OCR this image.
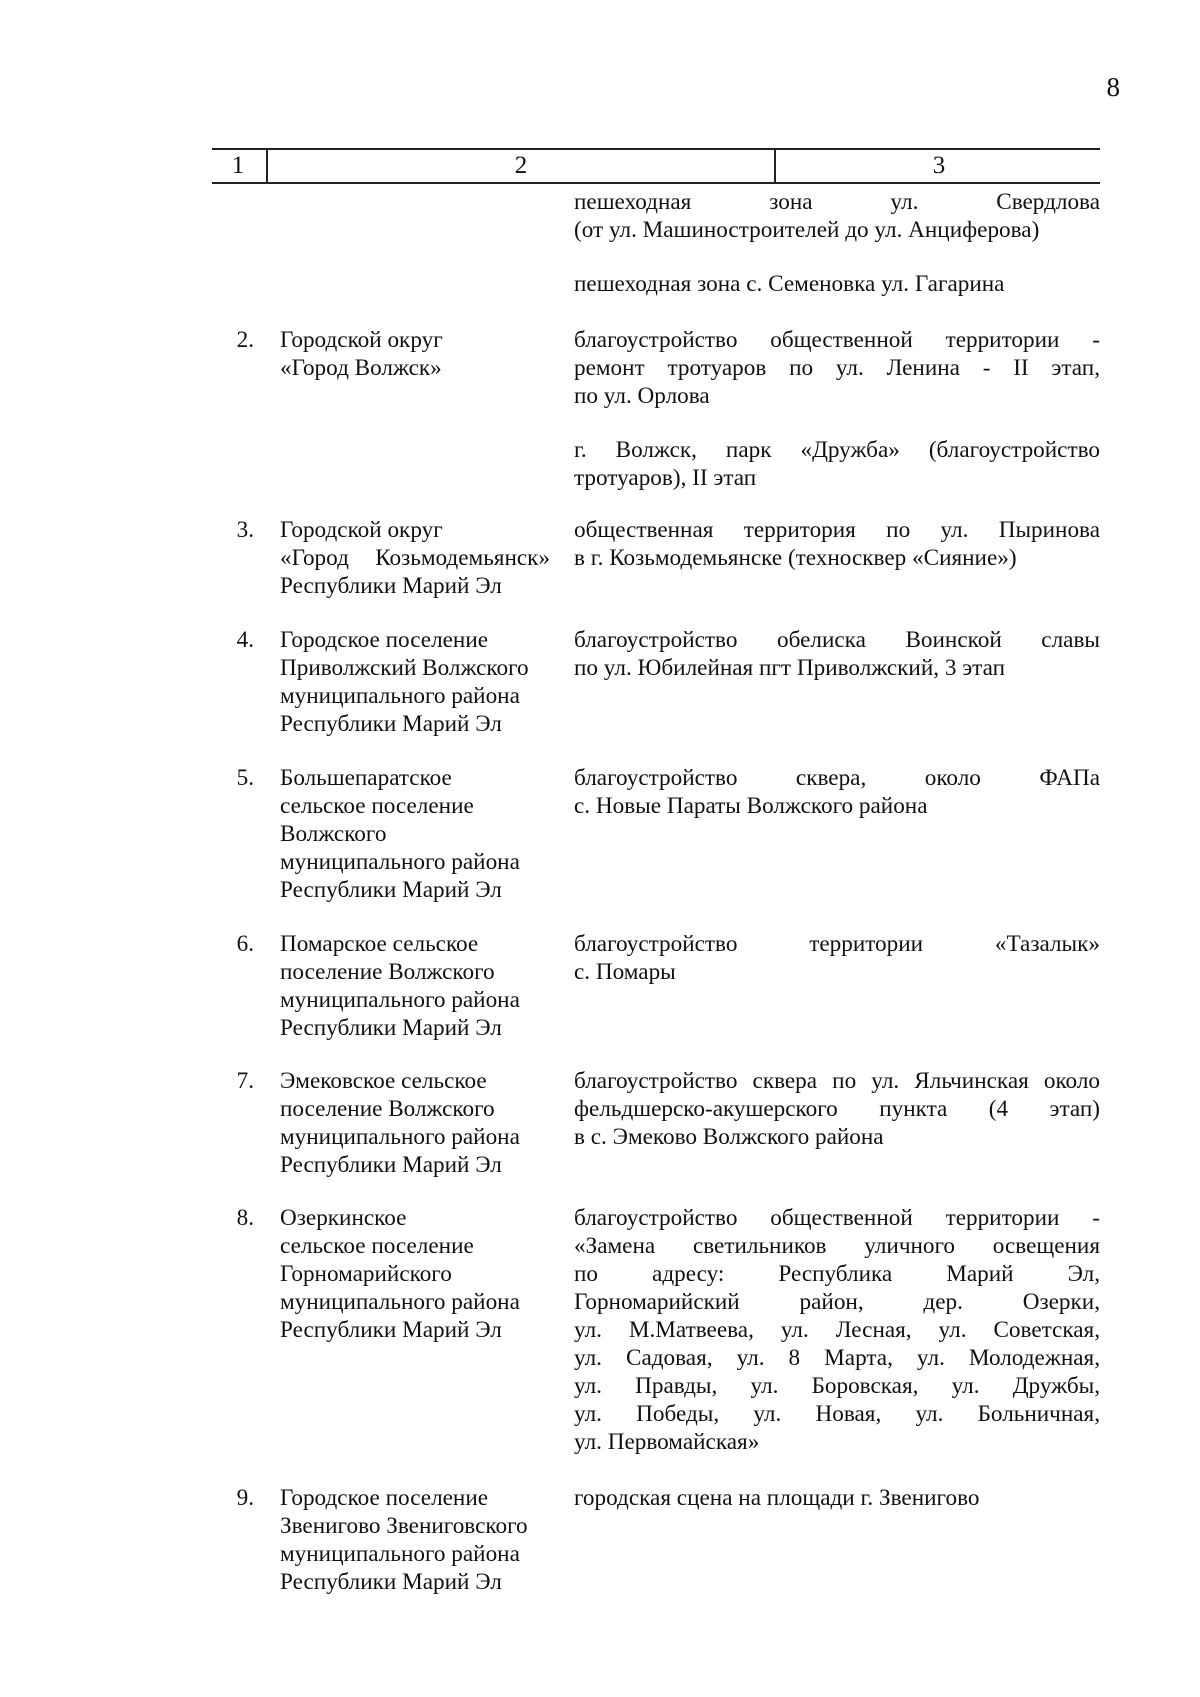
8
1	2	3
пешеходная зона ул. Свердлова
(от ул. Машиностроителей до ул. Анциферова)
пешеходная зона с. Семеновка ул. Гагарина
2. Городской округ
«Город Волжск»
благоустройство общественной территории -
ремонт тротуаров по ул. Ленина - II этап,
по ул. Орлова
г. Волжск, парк «Дружба» (благоустройство
тротуаров), II этап
3. Городской округ
«Город Козьмодемьянск»
Республики Марий Эл
общественная территория по ул. Пыринова
в г. Козьмодемьянске (техносквер «Сияние»)
4. Городское поселение
Приволжский Волжского
муниципального района
Республики Марий Эл
благоустройство обелиска Воинской славы
по ул. Юбилейная пгт Приволжский, 3 этап
5. Большепаратское
сельское поселение
Волжского
муниципального района
Республики Марий Эл
благоустройство сквера, около ФАПа
с. Новые Параты Волжского района
6. Помарское сельское
поселение Волжского
муниципального района
Республики Марий Эл
благоустройство территории «Тазалык»
с. Помары
7. Эмековское сельское
поселение Волжского
муниципального района
Республики Марий Эл
благоустройство сквера по ул. Яльчинская около
фельдшерско-акушерского пункта (4 этап)
в с. Эмеково Волжского района
8. Озеркинское
сельское поселение
Горномарийского
муниципального района
Республики Марий Эл
благоустройство общественной территории -
«Замена светильников уличного освещения
по адресу: Республика Марий Эл,
Горномарийский район, дер. Озерки,
ул. М.Матвеева, ул. Лесная, ул. Советская,
ул. Садовая, ул. 8 Марта, ул. Молодежная,
ул. Правды, ул. Боровская, ул. Дружбы,
ул. Победы, ул. Новая, ул. Больничная,
ул. Первомайская»
9. Городское поселение
Звенигово Звениговского
муниципального района
Республики Марий Эл
городская сцена на площади г. Звенигово
